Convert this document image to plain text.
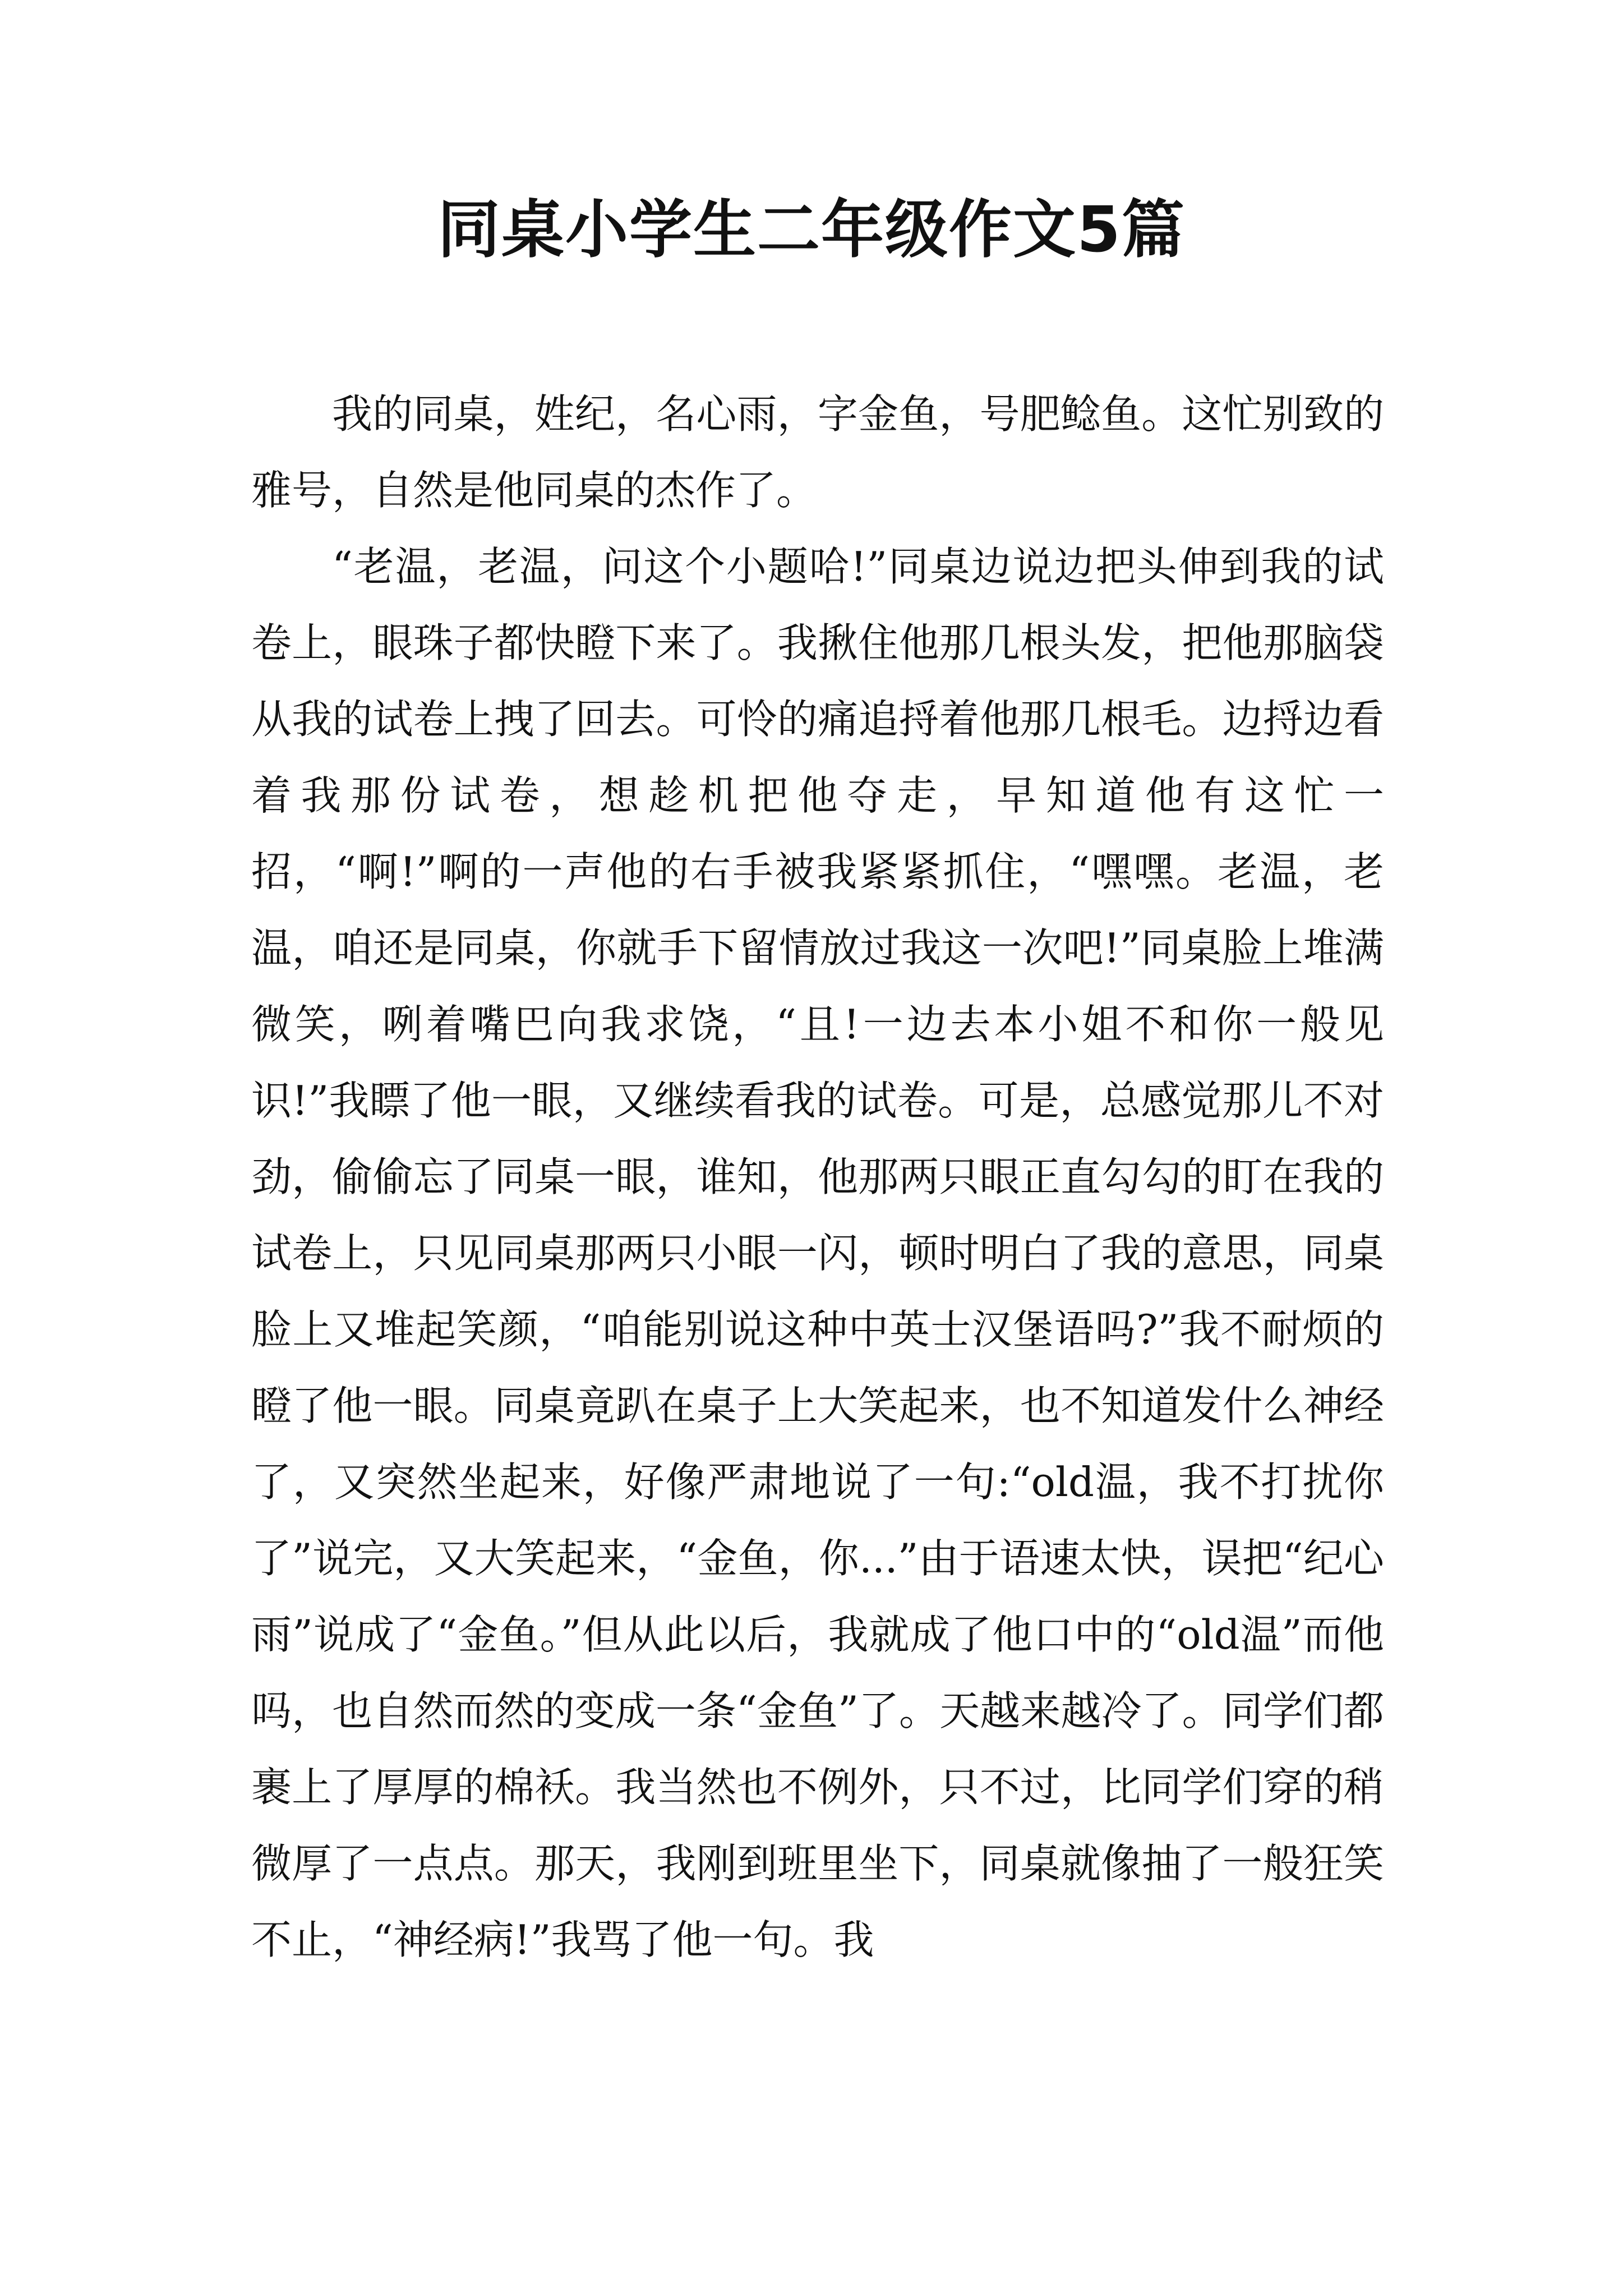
同桌小学生二年级作文5篇

我的同桌，姓纪，名心雨，字金鱼，号肥鲶鱼。这忙别致的雅号，自然是他同桌的杰作了。

“老温，老温，问这个小题哈!”同桌边说边把头伸到我的试卷上，眼珠子都快瞪下来了。我揪住他那几根头发，把他那脑袋从我的试卷上拽了回去。可怜的痛追捋着他那几根毛。边捋边看着我那份试卷，想趁机把他夺走，早知道他有这忙一招，“啊!”啊的一声他的右手被我紧紧抓住，“嘿嘿。老温，老温，咱还是同桌，你就手下留情放过我这一次吧!”同桌脸上堆满微笑，咧着嘴巴向我求饶，“且!一边去本小姐不和你一般见识!”我瞟了他一眼，又继续看我的试卷。可是，总感觉那儿不对劲，偷偷忘了同桌一眼，谁知，他那两只眼正直勾勾的盯在我的试卷上，只见同桌那两只小眼一闪，顿时明白了我的意思，同桌脸上又堆起笑颜，“咱能别说这种中英士汉堡语吗?”我不耐烦的瞪了他一眼。同桌竟趴在桌子上大笑起来，也不知道发什么神经了，又突然坐起来，好像严肃地说了一句:“old温，我不打扰你了”说完，又大笑起来，“金鱼，你...”由于语速太快，误把“纪心雨”说成了“金鱼。”但从此以后，我就成了他口中的“old温”而他吗，也自然而然的变成一条“金鱼”了。天越来越冷了。同学们都裹上了厚厚的棉袄。我当然也不例外，只不过，比同学们穿的稍微厚了一点点。那天，我刚到班里坐下，同桌就像抽了一般狂笑不止，“神经病!”我骂了他一句。我
